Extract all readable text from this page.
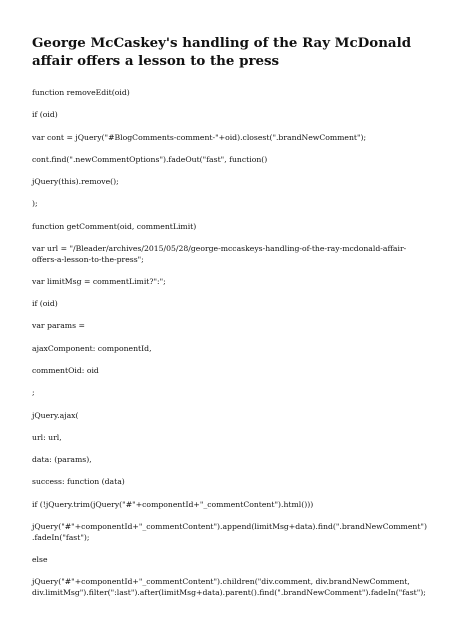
George McCaskey's handling of the Ray McDonald affair offers a lesson to the press

function removeEdit(oid)

if (oid)

var cont = jQuery("#BlogComments-comment-"+oid).closest(".brandNewComment");

cont.find(".newCommentOptions").fadeOut("fast", function()

jQuery(this).remove();

);

function getComment(oid, commentLimit)

var url = "/Bleader/archives/2015/05/28/george-mccaskeys-handling-of-the-ray-mcdonald-affair-offers-a-lesson-to-the-press";

var limitMsg = commentLimit?":";

if (oid)

var params =

ajaxComponent: componentId,

commentOid: oid

;

jQuery.ajax(

url: url,

data: (params),

success: function (data)

if (!jQuery.trim(jQuery("#"+componentId+"_commentContent").html()))

jQuery("#"+componentId+"_commentContent").append(limitMsg+data).find(".brandNewComment").fadeIn("fast");

else

jQuery("#"+componentId+"_commentContent").children("div.comment, div.brandNewComment, div.limitMsg").filter(":last").after(limitMsg+data).parent().find(".brandNewComment").fadeIn("fast");
